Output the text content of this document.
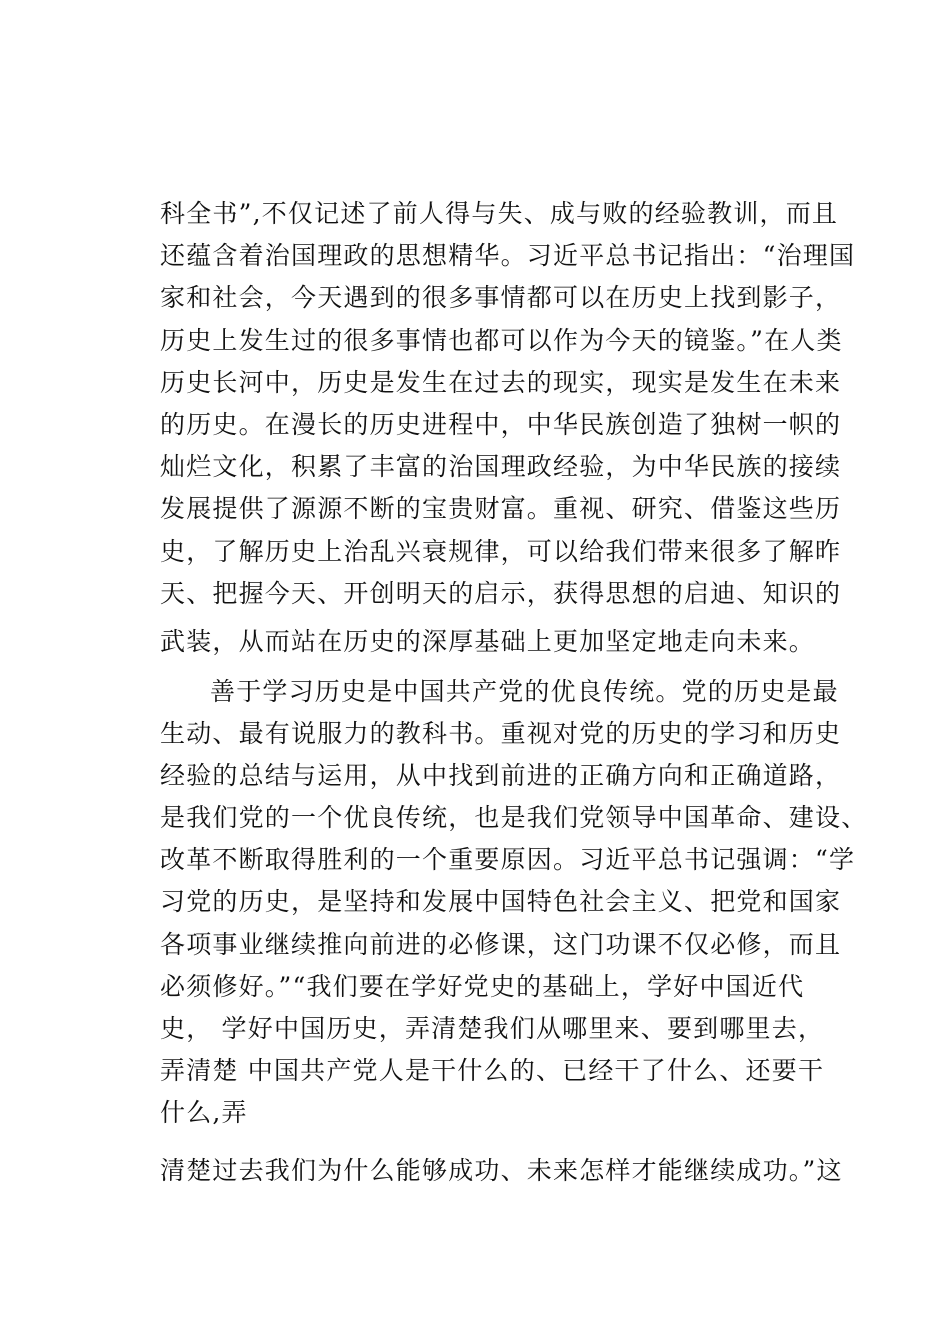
科全书”,不仅记述了前人得与失、成与败的经验教训，而且
还蕴含着治国理政的思想精华。习近平总书记指出：“治理国
家和社会，今天遇到的很多事情都可以在历史上找到影子，
历史上发生过的很多事情也都可以作为今天的镜鉴。”在人类
历史长河中，历史是发生在过去的现实，现实是发生在未来
的历史。在漫长的历史进程中，中华民族创造了独树一帜的
灿烂文化，积累了丰富的治国理政经验，为中华民族的接续
发展提供了源源不断的宝贵财富。重视、研究、借鉴这些历
史，了解历史上治乱兴衰规律，可以给我们带来很多了解昨
天、把握今天、开创明天的启示，获得思想的启迪、知识的
武装，从而站在历史的深厚基础上更加坚定地走向未来。
善于学习历史是中国共产党的优良传统。党的历史是最
生动、最有说服力的教科书。重视对党的历史的学习和历史
经验的总结与运用，从中找到前进的正确方向和正确道路，
是我们党的一个优良传统，也是我们党领导中国革命、建设、
改革不断取得胜利的一个重要原因。习近平总书记强调：“学
习党的历史，是坚持和发展中国特色社会主义、把党和国家
各项事业继续推向前进的必修课，这门功课不仅必修，而且
必须修好。”“我们要在学好党史的基础上，学好中国近代
史， 学好中国历史，弄清楚我们从哪里来、要到哪里去，
弄清楚 中国共产党人是干什么的、已经干了什么、还要干
什么,弄
清楚过去我们为什么能够成功、未来怎样才能继续成功。”这
